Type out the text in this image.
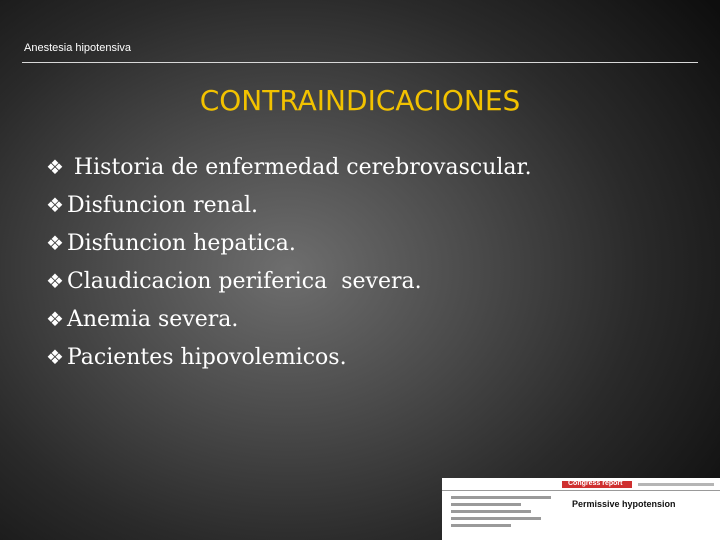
Anestesia hipotensiva
CONTRAINDICACIONES
❖ Historia de enfermedad cerebrovascular.
❖ Disfuncion renal.
❖ Disfuncion hepatica.
❖ Claudicacion periferica  severa.
❖ Anemia severa.
❖ Pacientes hipovolemicos.
Congress report
Permissive hypotension
